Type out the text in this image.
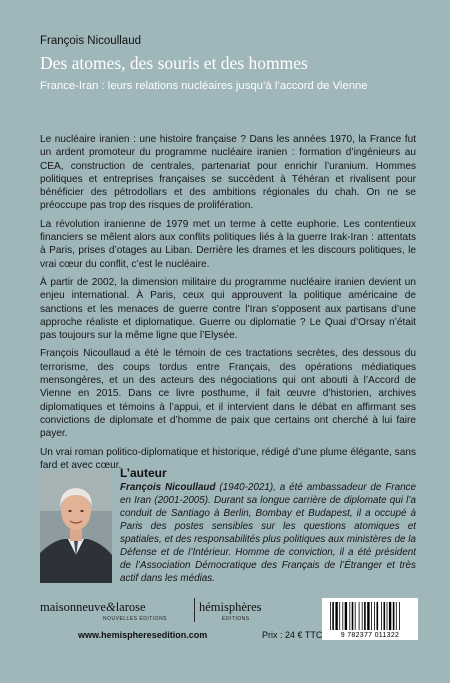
François Nicoullaud
Des atomes, des souris et des hommes
France-Iran : leurs relations nucléaires jusqu’à l’accord de Vienne

Le nucléaire iranien : une histoire française ? Dans les années 1970, la France fut un ardent promoteur du programme nucléaire iranien : formation d’ingénieurs au CEA, construction de centrales, partenariat pour enrichir l’uranium. Hommes politiques et entreprises françaises se succèdent à Téhéran et rivalisent pour bénéficier des pétrodollars et des ambitions régionales du chah. On ne se préoccupe pas trop des risques de prolifération.

La révolution iranienne de 1979 met un terme à cette euphorie. Les contentieux financiers se mêlent alors aux conflits politiques liés à la guerre Irak-Iran : attentats à Paris, prises d’otages au Liban. Derrière les drames et les discours politiques, le vrai cœur du conflit, c’est le nucléaire.

À partir de 2002, la dimension militaire du programme nucléaire iranien devient un enjeu international. À Paris, ceux qui approuvent la politique américaine de sanctions et les menaces de guerre contre l’Iran s’opposent aux partisans d’une approche réaliste et diplomatique. Guerre ou diplomatie ? Le Quai d’Orsay n’était pas toujours sur la même ligne que l’Elysée.

François Nicoullaud a été le témoin de ces tractations secrètes, des dessous du terrorisme, des coups tordus entre Français, des opérations médiatiques mensongères, et un des acteurs des négociations qui ont abouti à l’Accord de Vienne en 2015. Dans ce livre posthume, il fait œuvre d’historien, archives diplomatiques et témoins à l’appui, et il intervient dans le débat en affirmant ses convictions de diplomate et d’homme de paix que certains ont cherché à lui faire payer.

Un vrai roman politico-diplomatique et historique, rédigé d’une plume élégante, sans fard et avec cœur.

L’auteur
François Nicoullaud (1940-2021), a été ambassadeur de France en Iran (2001-2005). Durant sa longue carrière de diplomate qui l’a conduit de Santiago à Berlin, Bombay et Budapest, il a occupé à Paris des postes sensibles sur les questions atomiques et spatiales, et des responsabilités plus politiques aux ministères de la Défense et de l’Intérieur. Homme de conviction, il a été président de l’Association Démocratique des Français de l’Étranger et très actif dans les médias.
maisonneuve&larose
NOUVELLES ÉDITIONS
hémisphères
ÉDITIONS
9 782377 011322
www.hemispheresedition.com	Prix : 24 € TTC
